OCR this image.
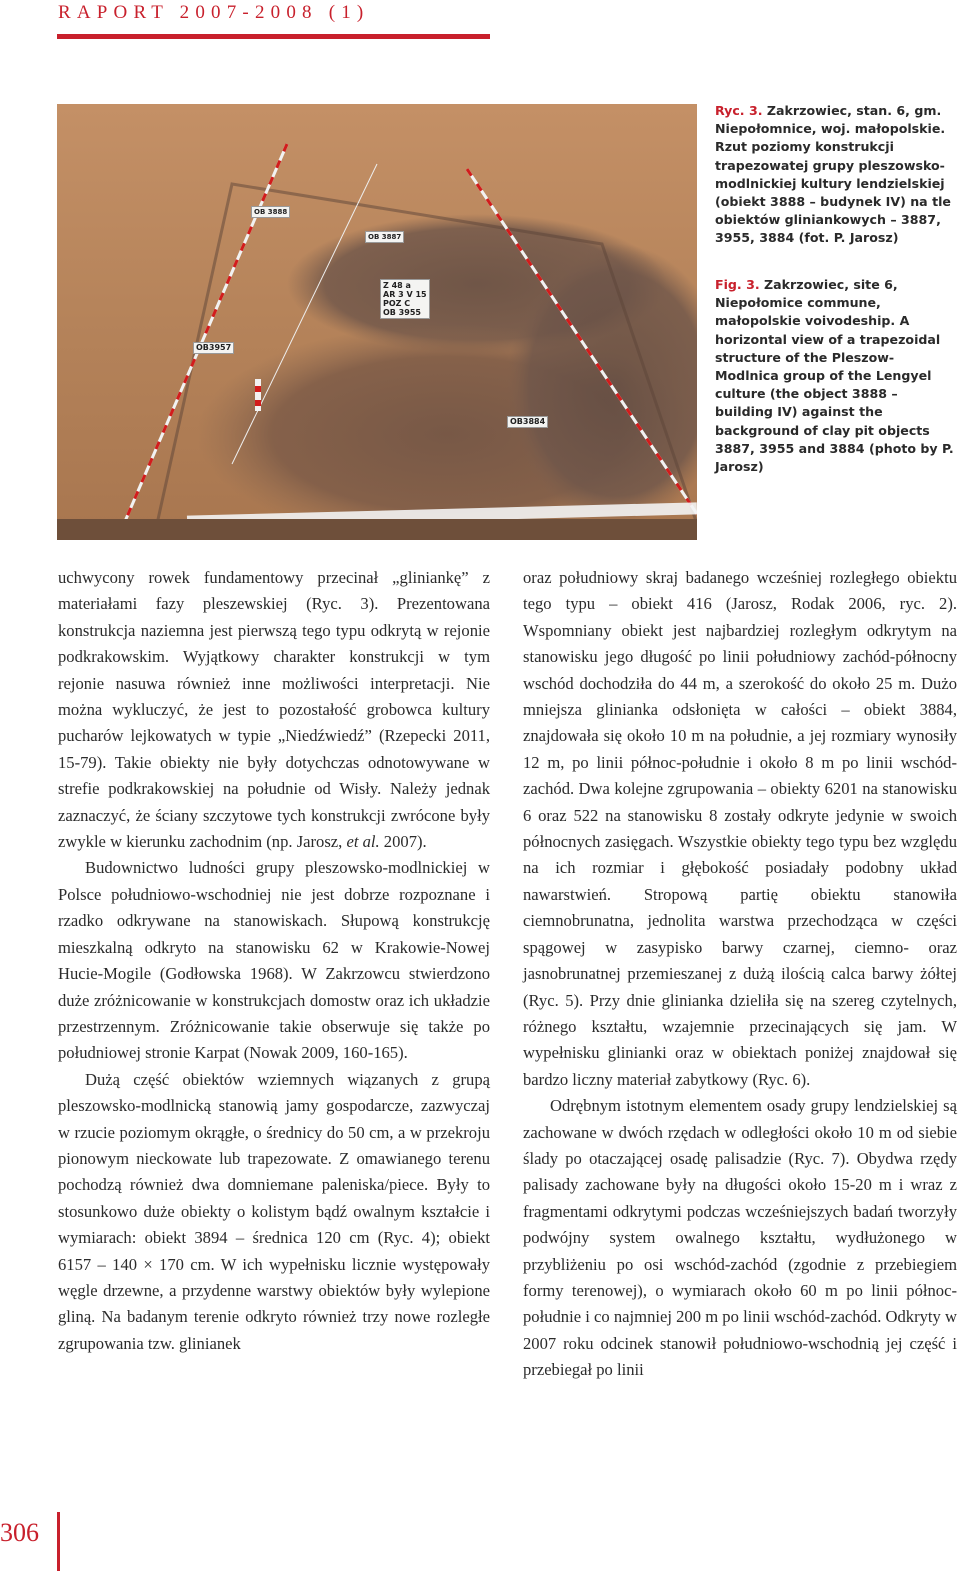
RAPORT 2007-2008 (1)
OB 3888
OB 3887
Z 48 a
AR 3 V 15
POZ C
OB 3955
OB3957
OB3884
Ryc. 3. Zakrzowiec, stan. 6, gm. Niepołomnice, woj. małopolskie. Rzut poziomy konstrukcji trapezowatej grupy pleszowsko-modlnickiej kultury lendzielskiej (obiekt 3888 – budynek IV) na tle obiektów gliniankowych – 3887, 3955, 3884 (fot. P. Jarosz)
Fig. 3. Zakrzowiec, site 6, Niepołomice commune, małopolskie voivodeship. A horizontal view of a trapezoidal structure of the Pleszow-Modlnica group of the Lengyel culture (the object 3888 – building IV) against the background of clay pit objects 3887, 3955 and 3884 (photo by P. Jarosz)

uchwycony rowek fundamentowy przecinał „gliniankę” z materiałami fazy pleszewskiej (Ryc. 3). Prezentowana konstrukcja naziemna jest pierwszą tego typu odkrytą w rejonie podkrakowskim. Wyjątkowy charakter konstrukcji w tym rejonie nasuwa również inne możliwości interpretacji. Nie można wykluczyć, że jest to pozostałość grobowca kultury pucharów lejkowatych w typie „Niedźwiedź” (Rzepecki 2011, 15-79). Takie obiekty nie były dotychczas odnotowywane w strefie podkrakowskiej na południe od Wisły. Należy jednak zaznaczyć, że ściany szczytowe tych konstrukcji zwrócone były zwykle w kierunku zachodnim (np. Jarosz, et al. 2007).

Budownictwo ludności grupy pleszowsko-modlnickiej w Polsce południowo-wschodniej nie jest dobrze rozpoznane i rzadko odkrywane na stanowiskach. Słupową konstrukcję mieszkalną odkryto na stanowisku 62 w Krakowie-Nowej Hucie-Mogile (Godłowska 1968). W Zakrzowcu stwierdzono duże zróżnicowanie w konstrukcjach domostw oraz ich układzie przestrzennym. Zróżnicowanie takie obserwuje się także po południowej stronie Karpat (Nowak 2009, 160-165).

Dużą część obiektów wziemnych wiązanych z grupą pleszowsko-modlnicką stanowią jamy gospodarcze, zazwyczaj w rzucie poziomym okrągłe, o średnicy do 50 cm, a w przekroju pionowym nieckowate lub trapezowate. Z omawianego terenu pochodzą również dwa domniemane paleniska/piece. Były to stosunkowo duże obiekty o kolistym bądź owalnym kształcie i wymiarach: obiekt 3894 – średnica 120 cm (Ryc. 4); obiekt 6157 – 140 × 170 cm. W ich wypełnisku licznie występowały węgle drzewne, a przydenne warstwy obiektów były wylepione gliną. Na badanym terenie odkryto również trzy nowe rozległe zgrupowania tzw. glinianek

oraz południowy skraj badanego wcześniej rozległego obiektu tego typu – obiekt 416 (Jarosz, Rodak 2006, ryc. 2). Wspomniany obiekt jest najbardziej rozległym odkrytym na stanowisku jego długość po linii południowy zachód-północny wschód dochodziła do 44 m, a szerokość do około 25 m. Dużo mniejsza glinianka odsłonięta w całości – obiekt 3884, znajdowała się około 10 m na południe, a jej rozmiary wynosiły 12 m, po linii północ-południe i około 8 m po linii wschód-zachód. Dwa kolejne zgrupowania – obiekty 6201 na stanowisku 6 oraz 522 na stanowisku 8 zostały odkryte jedynie w swoich północnych zasięgach. Wszystkie obiekty tego typu bez względu na ich rozmiar i głębokość posiadały podobny układ nawarstwień. Stropową partię obiektu stanowiła ciemnobrunatna, jednolita warstwa przechodząca w części spągowej w zasypisko barwy czarnej, ciemno- oraz jasnobrunatnej przemieszanej z dużą ilością calca barwy żółtej (Ryc. 5). Przy dnie glinianka dzieliła się na szereg czytelnych, różnego kształtu, wzajemnie przecinających się jam. W wypełnisku glinianki oraz w obiektach poniżej znajdował się bardzo liczny materiał zabytkowy (Ryc. 6).

Odrębnym istotnym elementem osady grupy lendzielskiej są zachowane w dwóch rzędach w odległości około 10 m od siebie ślady po otaczającej osadę palisadzie (Ryc. 7). Obydwa rzędy palisady zachowane były na długości około 15-20 m i wraz z fragmentami odkrytymi podczas wcześniejszych badań tworzyły podwójny system owalnego kształtu, wydłużonego w przybliżeniu po osi wschód-zachód (zgodnie z przebiegiem formy terenowej), o wymiarach około 60 m po linii północ-południe i co najmniej 200 m po linii wschód-zachód. Odkryty w 2007 roku odcinek stanowił południowo-wschodnią jej część i przebiegał po linii

306
